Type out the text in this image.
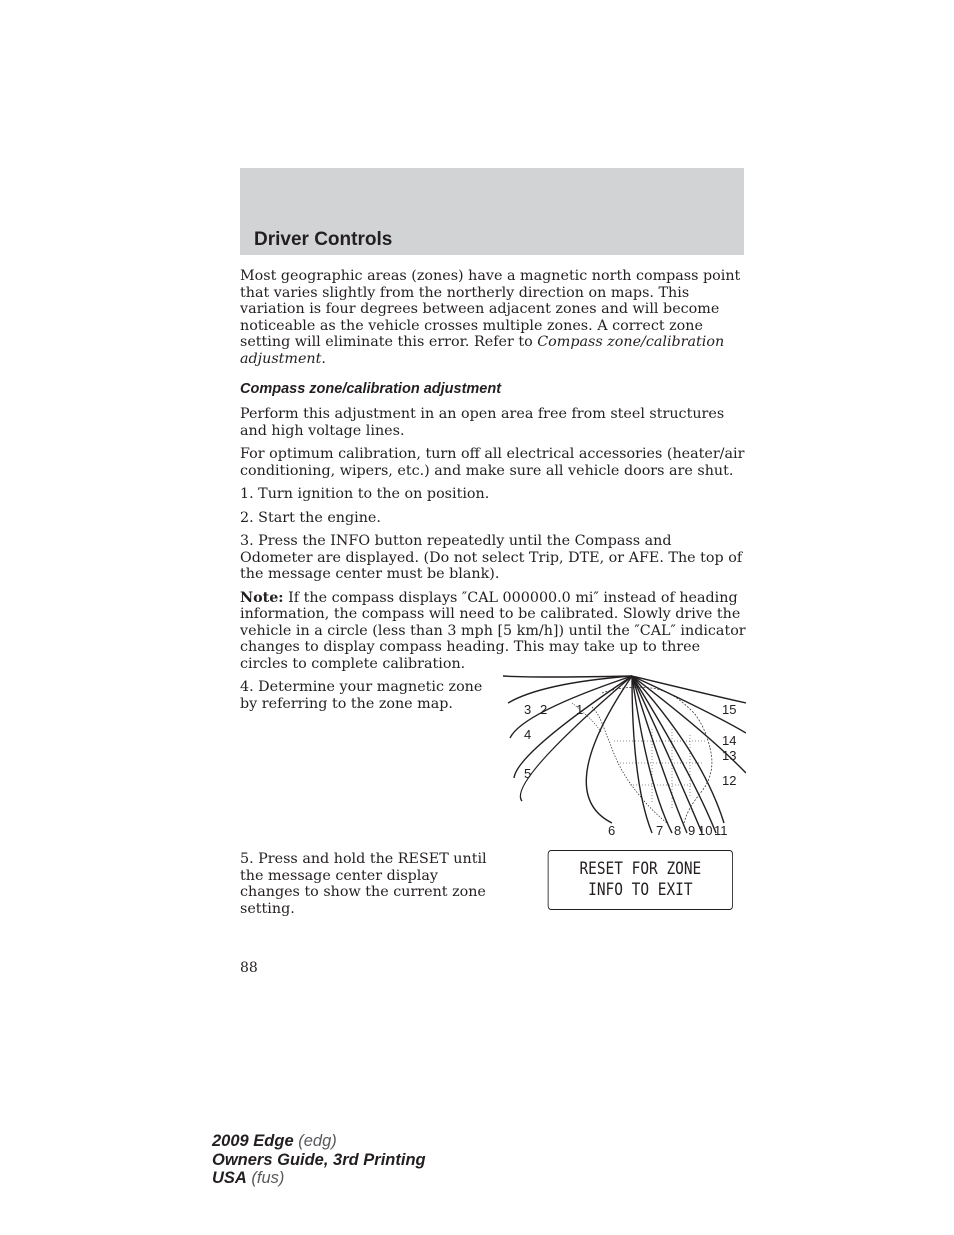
Driver Controls

Most geographic areas (zones) have a magnetic north compass point that varies slightly from the northerly direction on maps. This variation is four degrees between adjacent zones and will become noticeable as the vehicle crosses multiple zones. A correct zone setting will eliminate this error. Refer to Compass zone/calibration adjustment.

Compass zone/calibration adjustment

Perform this adjustment in an open area free from steel structures and high voltage lines.

For optimum calibration, turn off all electrical accessories (heater/air conditioning, wipers, etc.) and make sure all vehicle doors are shut.

1. Turn ignition to the on position.

2. Start the engine.

3. Press the INFO button repeatedly until the Compass and Odometer are displayed. (Do not select Trip, DTE, or AFE. The top of the message center must be blank).

Note: If the compass displays ″CAL 000000.0 mi″ instead of heading information, the compass will need to be calibrated. Slowly drive the vehicle in a circle (less than 3 mph [5 km/h]) until the ″CAL″ indicator changes to display compass heading. This may take up to three circles to complete calibration.

4. Determine your magnetic zone by referring to the zone map.	1
2
3
4
5
6	7 8 9 10 11
12
13
14
15
5. Press and hold the RESET until the message center display changes to show the current zone setting.
RESET FOR ZONE
INFO TO EXIT
88
2009 Edge (edg)
Owners Guide, 3rd Printing
USA (fus)
